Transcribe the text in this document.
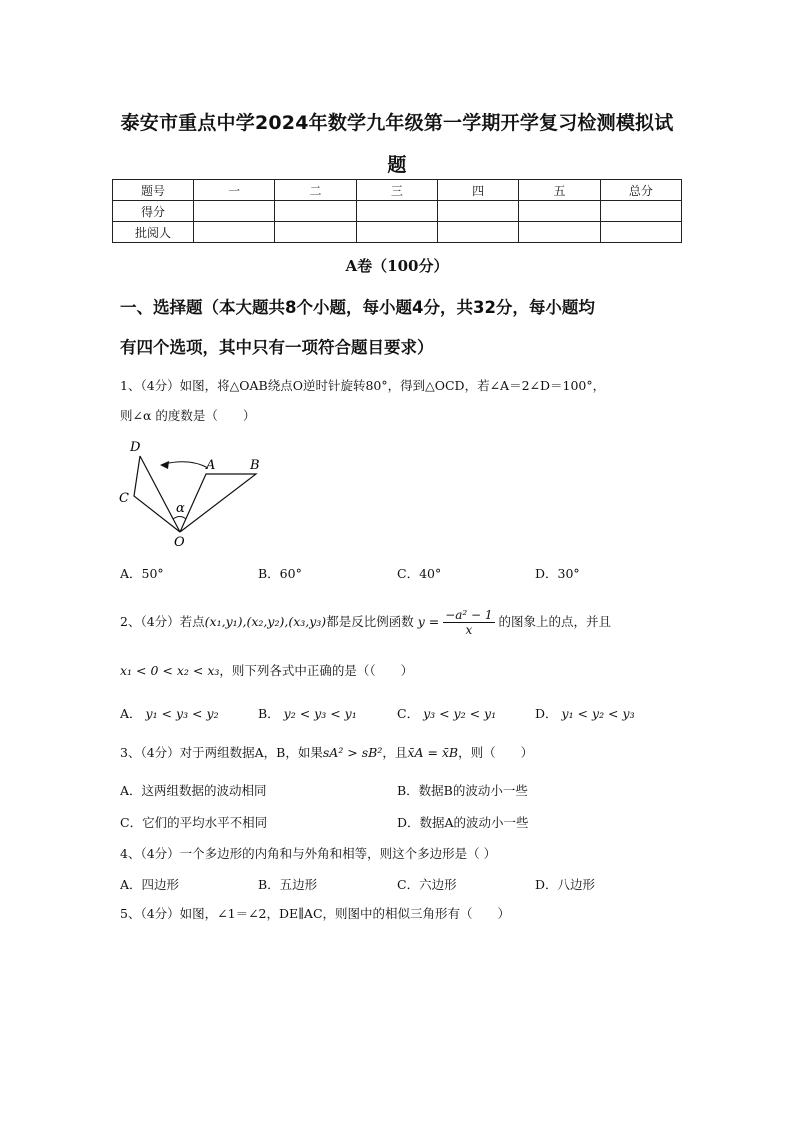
泰安市重点中学2024年数学九年级第一学期开学复习检测模拟试
题
题号	一	二	三	四	五	总分
得分						
批阅人						
A卷（100分）
一、选择题（本大题共8个小题，每小题4分，共32分，每小题均
有四个选项，其中只有一项符合题目要求）
1、（4分）如图，将△OAB绕点O逆时针旋转80°，得到△OCD，若∠A＝2∠D＝100°，
则∠α 的度数是（　　）
D
A	B
C
α
O
A．50°	B．60°	C．40°	D．30°
2、（4分）若点(x₁,y₁),(x₂,y₂),(x₃,y₃)都是反比例函数 $y = \frac{\text{−a² − 1}}{x}$ 的图象上的点，并且
x₁ < 0 < x₂ < x₃，则下列各式中正确的是（（　　）
A． y₁ < y₃ < y₂	B． y₂ < y₃ < y₁	C． y₃ < y₂ < y₁	D． y₁ < y₂ < y₃
3、（4分）对于两组数据A，B，如果sA² > sB²，且x̄A = x̄B，则（　　）
A．这两组数据的波动相同	B．数据B的波动小一些
C．它们的平均水平不相同	D．数据A的波动小一些
4、（4分）一个多边形的内角和与外角和相等，则这个多边形是（ ）
A．四边形	B．五边形	C．六边形	D．八边形
5、（4分）如图，∠1＝∠2，DE∥AC，则图中的相似三角形有（　　）
